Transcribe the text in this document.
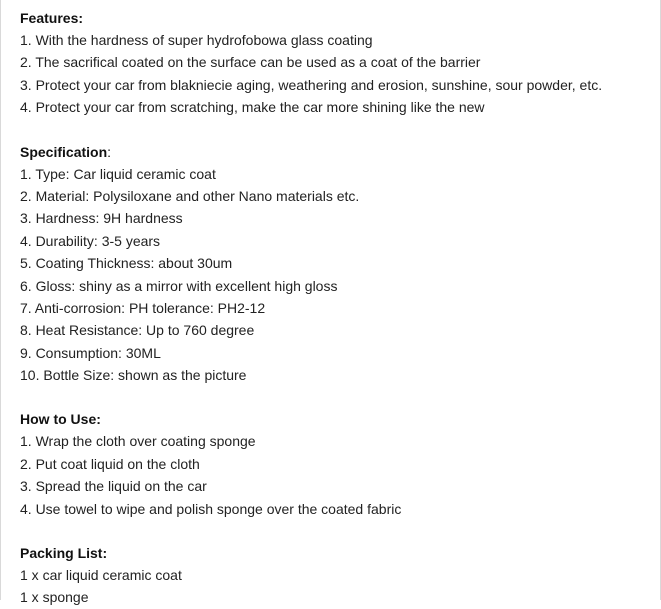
Features:
1. With the hardness of super hydrofobowa glass coating
2. The sacrifical coated on the surface can be used as a coat of the barrier
3. Protect your car from blakniecie aging, weathering and erosion, sunshine, sour powder, etc.
4. Protect your car from scratching, make the car more shining like the new
Specification:
1. Type: Car liquid ceramic coat
2. Material: Polysiloxane and other Nano materials etc.
3. Hardness: 9H hardness
4. Durability: 3-5 years
5. Coating Thickness: about 30um
6. Gloss: shiny as a mirror with excellent high gloss
7. Anti-corrosion: PH tolerance: PH2-12
8. Heat Resistance: Up to 760 degree
9. Consumption: 30ML
10. Bottle Size: shown as the picture
How to Use:
1. Wrap the cloth over coating sponge
2. Put coat liquid on the cloth
3. Spread the liquid on the car
4. Use towel to wipe and polish sponge over the coated fabric
Packing List:
1 x car liquid ceramic coat
1 x sponge
